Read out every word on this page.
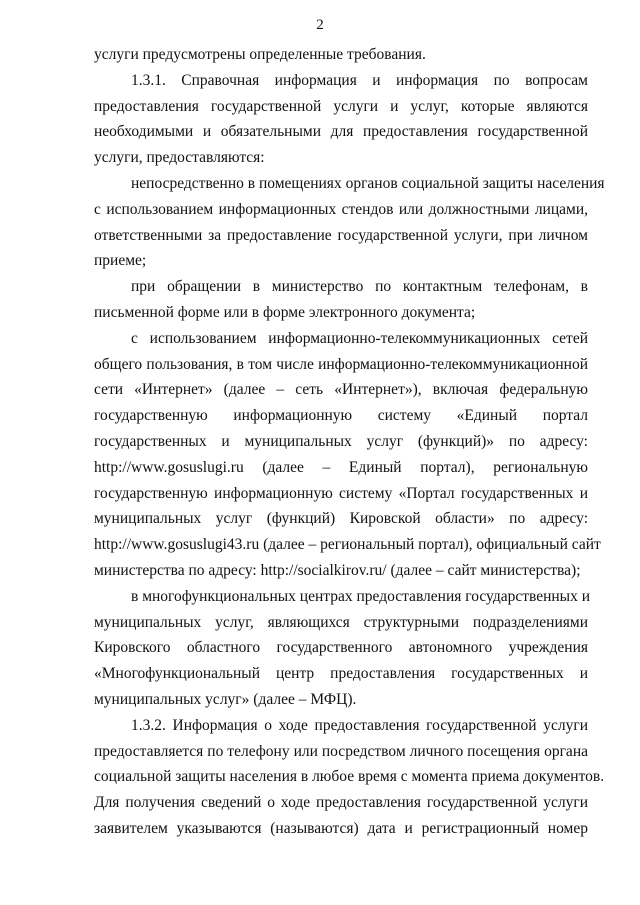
2
услуги предусмотрены определенные требования.
1.3.1. Справочная информация и информация по вопросам
предоставления государственной услуги и услуг, которые являются
необходимыми и обязательными для предоставления государственной
услуги, предоставляются:
непосредственно в помещениях органов социальной защиты населения
с использованием информационных стендов или должностными лицами,
ответственными за предоставление государственной услуги, при личном
приеме;
при обращении в министерство по контактным телефонам, в
письменной форме или в форме электронного документа;
с использованием информационно-телекоммуникационных сетей
общего пользования, в том числе информационно-телекоммуникационной
сети «Интернет» (далее – сеть «Интернет»), включая федеральную
государственную информационную систему «Единый портал
государственных и муниципальных услуг (функций)» по адресу:
http://www.gosuslugi.ru (далее – Единый портал), региональную
государственную информационную систему «Портал государственных и
муниципальных услуг (функций) Кировской области» по адресу:
http://www.gosuslugi43.ru (далее – региональный портал), официальный сайт
министерства по адресу: http://socialkirov.ru/ (далее – сайт министерства);
в многофункциональных центрах предоставления государственных и
муниципальных услуг, являющихся структурными подразделениями
Кировского областного государственного автономного учреждения
«Многофункциональный центр предоставления государственных и
муниципальных услуг» (далее – МФЦ).
1.3.2. Информация о ходе предоставления государственной услуги
предоставляется по телефону или посредством личного посещения органа
социальной защиты населения в любое время с момента приема документов.
Для получения сведений о ходе предоставления государственной услуги
заявителем указываются (называются) дата и регистрационный номер
